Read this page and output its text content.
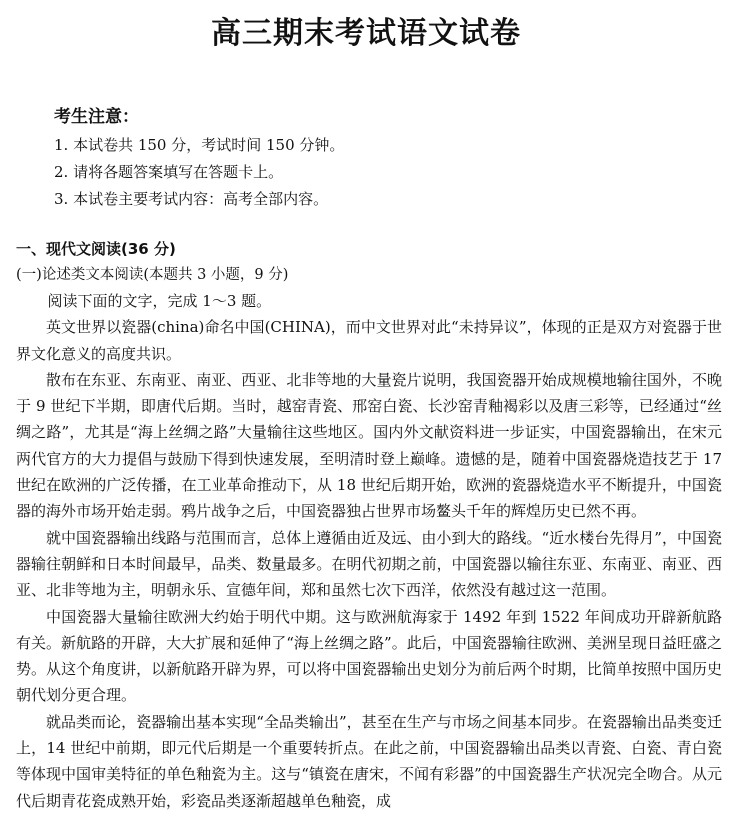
高三期末考试语文试卷
考生注意：

1. 本试卷共 150 分，考试时间 150 分钟。

2. 请将各题答案填写在答题卡上。

3. 本试卷主要考试内容：高考全部内容。

一、现代文阅读(36 分)
(一)论述类文本阅读(本题共 3 小题，9 分)

阅读下面的文字，完成 1～3 题。

英文世界以瓷器(china)命名中国(CHINA)，而中文世界对此“未持异议”，体现的正是双方对瓷器于世界文化意义的高度共识。

散布在东亚、东南亚、南亚、西亚、北非等地的大量瓷片说明，我国瓷器开始成规模地输往国外，不晚于 9 世纪下半期，即唐代后期。当时，越窑青瓷、邢窑白瓷、长沙窑青釉褐彩以及唐三彩等，已经通过“丝绸之路”，尤其是“海上丝绸之路”大量输往这些地区。国内外文献资料进一步证实，中国瓷器输出，在宋元两代官方的大力提倡与鼓励下得到快速发展，至明清时登上巅峰。遗憾的是，随着中国瓷器烧造技艺于 17 世纪在欧洲的广泛传播，在工业革命推动下，从 18 世纪后期开始，欧洲的瓷器烧造水平不断提升，中国瓷器的海外市场开始走弱。鸦片战争之后，中国瓷器独占世界市场鳌头千年的辉煌历史已然不再。

就中国瓷器输出线路与范围而言，总体上遵循由近及远、由小到大的路线。“近水楼台先得月”，中国瓷器输往朝鲜和日本时间最早，品类、数量最多。在明代初期之前，中国瓷器以输往东亚、东南亚、南亚、西亚、北非等地为主，明朝永乐、宣德年间，郑和虽然七次下西洋，依然没有越过这一范围。

中国瓷器大量输往欧洲大约始于明代中期。这与欧洲航海家于 1492 年到 1522 年间成功开辟新航路有关。新航路的开辟，大大扩展和延伸了“海上丝绸之路”。此后，中国瓷器输往欧洲、美洲呈现日益旺盛之势。从这个角度讲，以新航路开辟为界，可以将中国瓷器输出史划分为前后两个时期，比简单按照中国历史朝代划分更合理。

就品类而论，瓷器输出基本实现“全品类输出”，甚至在生产与市场之间基本同步。在瓷器输出品类变迁上，14 世纪中前期，即元代后期是一个重要转折点。在此之前，中国瓷器输出品类以青瓷、白瓷、青白瓷等体现中国审美特征的单色釉瓷为主。这与“镇瓷在唐宋，不闻有彩器”的中国瓷器生产状况完全吻合。从元代后期青花瓷成熟开始，彩瓷品类逐渐超越单色釉瓷，成
